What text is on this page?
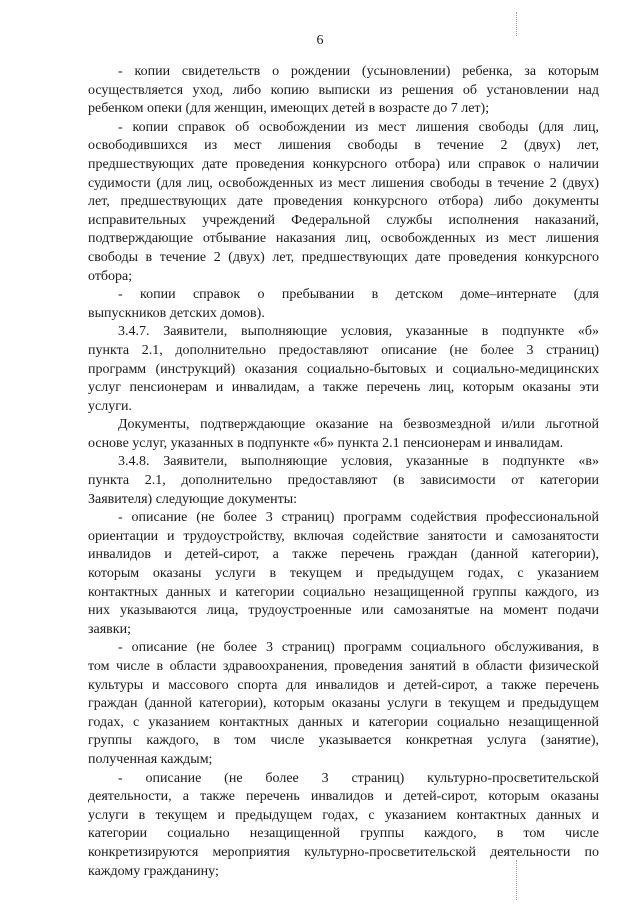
6

- копии свидетельств о рождении (усыновлении) ребенка, за которым
осуществляется уход, либо копию выписки из решения об установлении над
ребенком опеки (для женщин, имеющих детей в возрасте до 7 лет);

- копии справок об освобождении из мест лишения свободы (для лиц,
освободившихся из мест лишения свободы в течение 2 (двух) лет,
предшествующих дате проведения конкурсного отбора) или справок о наличии
судимости (для лиц, освобожденных из мест лишения свободы в течение 2 (двух)
лет, предшествующих дате проведения конкурсного отбора) либо документы
исправительных учреждений Федеральной службы исполнения наказаний,
подтверждающие отбывание наказания лиц, освобожденных из мест лишения
свободы в течение 2 (двух) лет, предшествующих дате проведения конкурсного
отбора;

- копии справок о пребывании в детском доме–интернате (для
выпускников детских домов).

3.4.7. Заявители, выполняющие условия, указанные в подпункте «б»
пункта 2.1, дополнительно предоставляют описание (не более 3 страниц)
программ (инструкций) оказания социально-бытовых и социально-медицинских
услуг пенсионерам и инвалидам, а также перечень лиц, которым оказаны эти
услуги.

Документы, подтверждающие оказание на безвозмездной и/или льготной
основе услуг, указанных в подпункте «б» пункта 2.1 пенсионерам и инвалидам.

3.4.8. Заявители, выполняющие условия, указанные в подпункте «в»
пункта 2.1, дополнительно предоставляют (в зависимости от категории
Заявителя) следующие документы:

- описание (не более 3 страниц) программ содействия профессиональной
ориентации и трудоустройству, включая содействие занятости и самозанятости
инвалидов и детей-сирот, а также перечень граждан (данной категории),
которым оказаны услуги в текущем и предыдущем годах, с указанием
контактных данных и категории социально незащищенной группы каждого, из
них указываются лица, трудоустроенные или самозанятые на момент подачи
заявки;

- описание (не более 3 страниц) программ социального обслуживания, в
том числе в области здравоохранения, проведения занятий в области физической
культуры и массового спорта для инвалидов и детей-сирот, а также перечень
граждан (данной категории), которым оказаны услуги в текущем и предыдущем
годах, с указанием контактных данных и категории социально незащищенной
группы каждого, в том числе указывается конкретная услуга (занятие),
полученная каждым;

- описание (не более 3 страниц) культурно-просветительской
деятельности, а также перечень инвалидов и детей-сирот, которым оказаны
услуги в текущем и предыдущем годах, с указанием контактных данных и
категории социально незащищенной группы каждого, в том числе
конкретизируются мероприятия культурно-просветительской деятельности по
каждому гражданину;
